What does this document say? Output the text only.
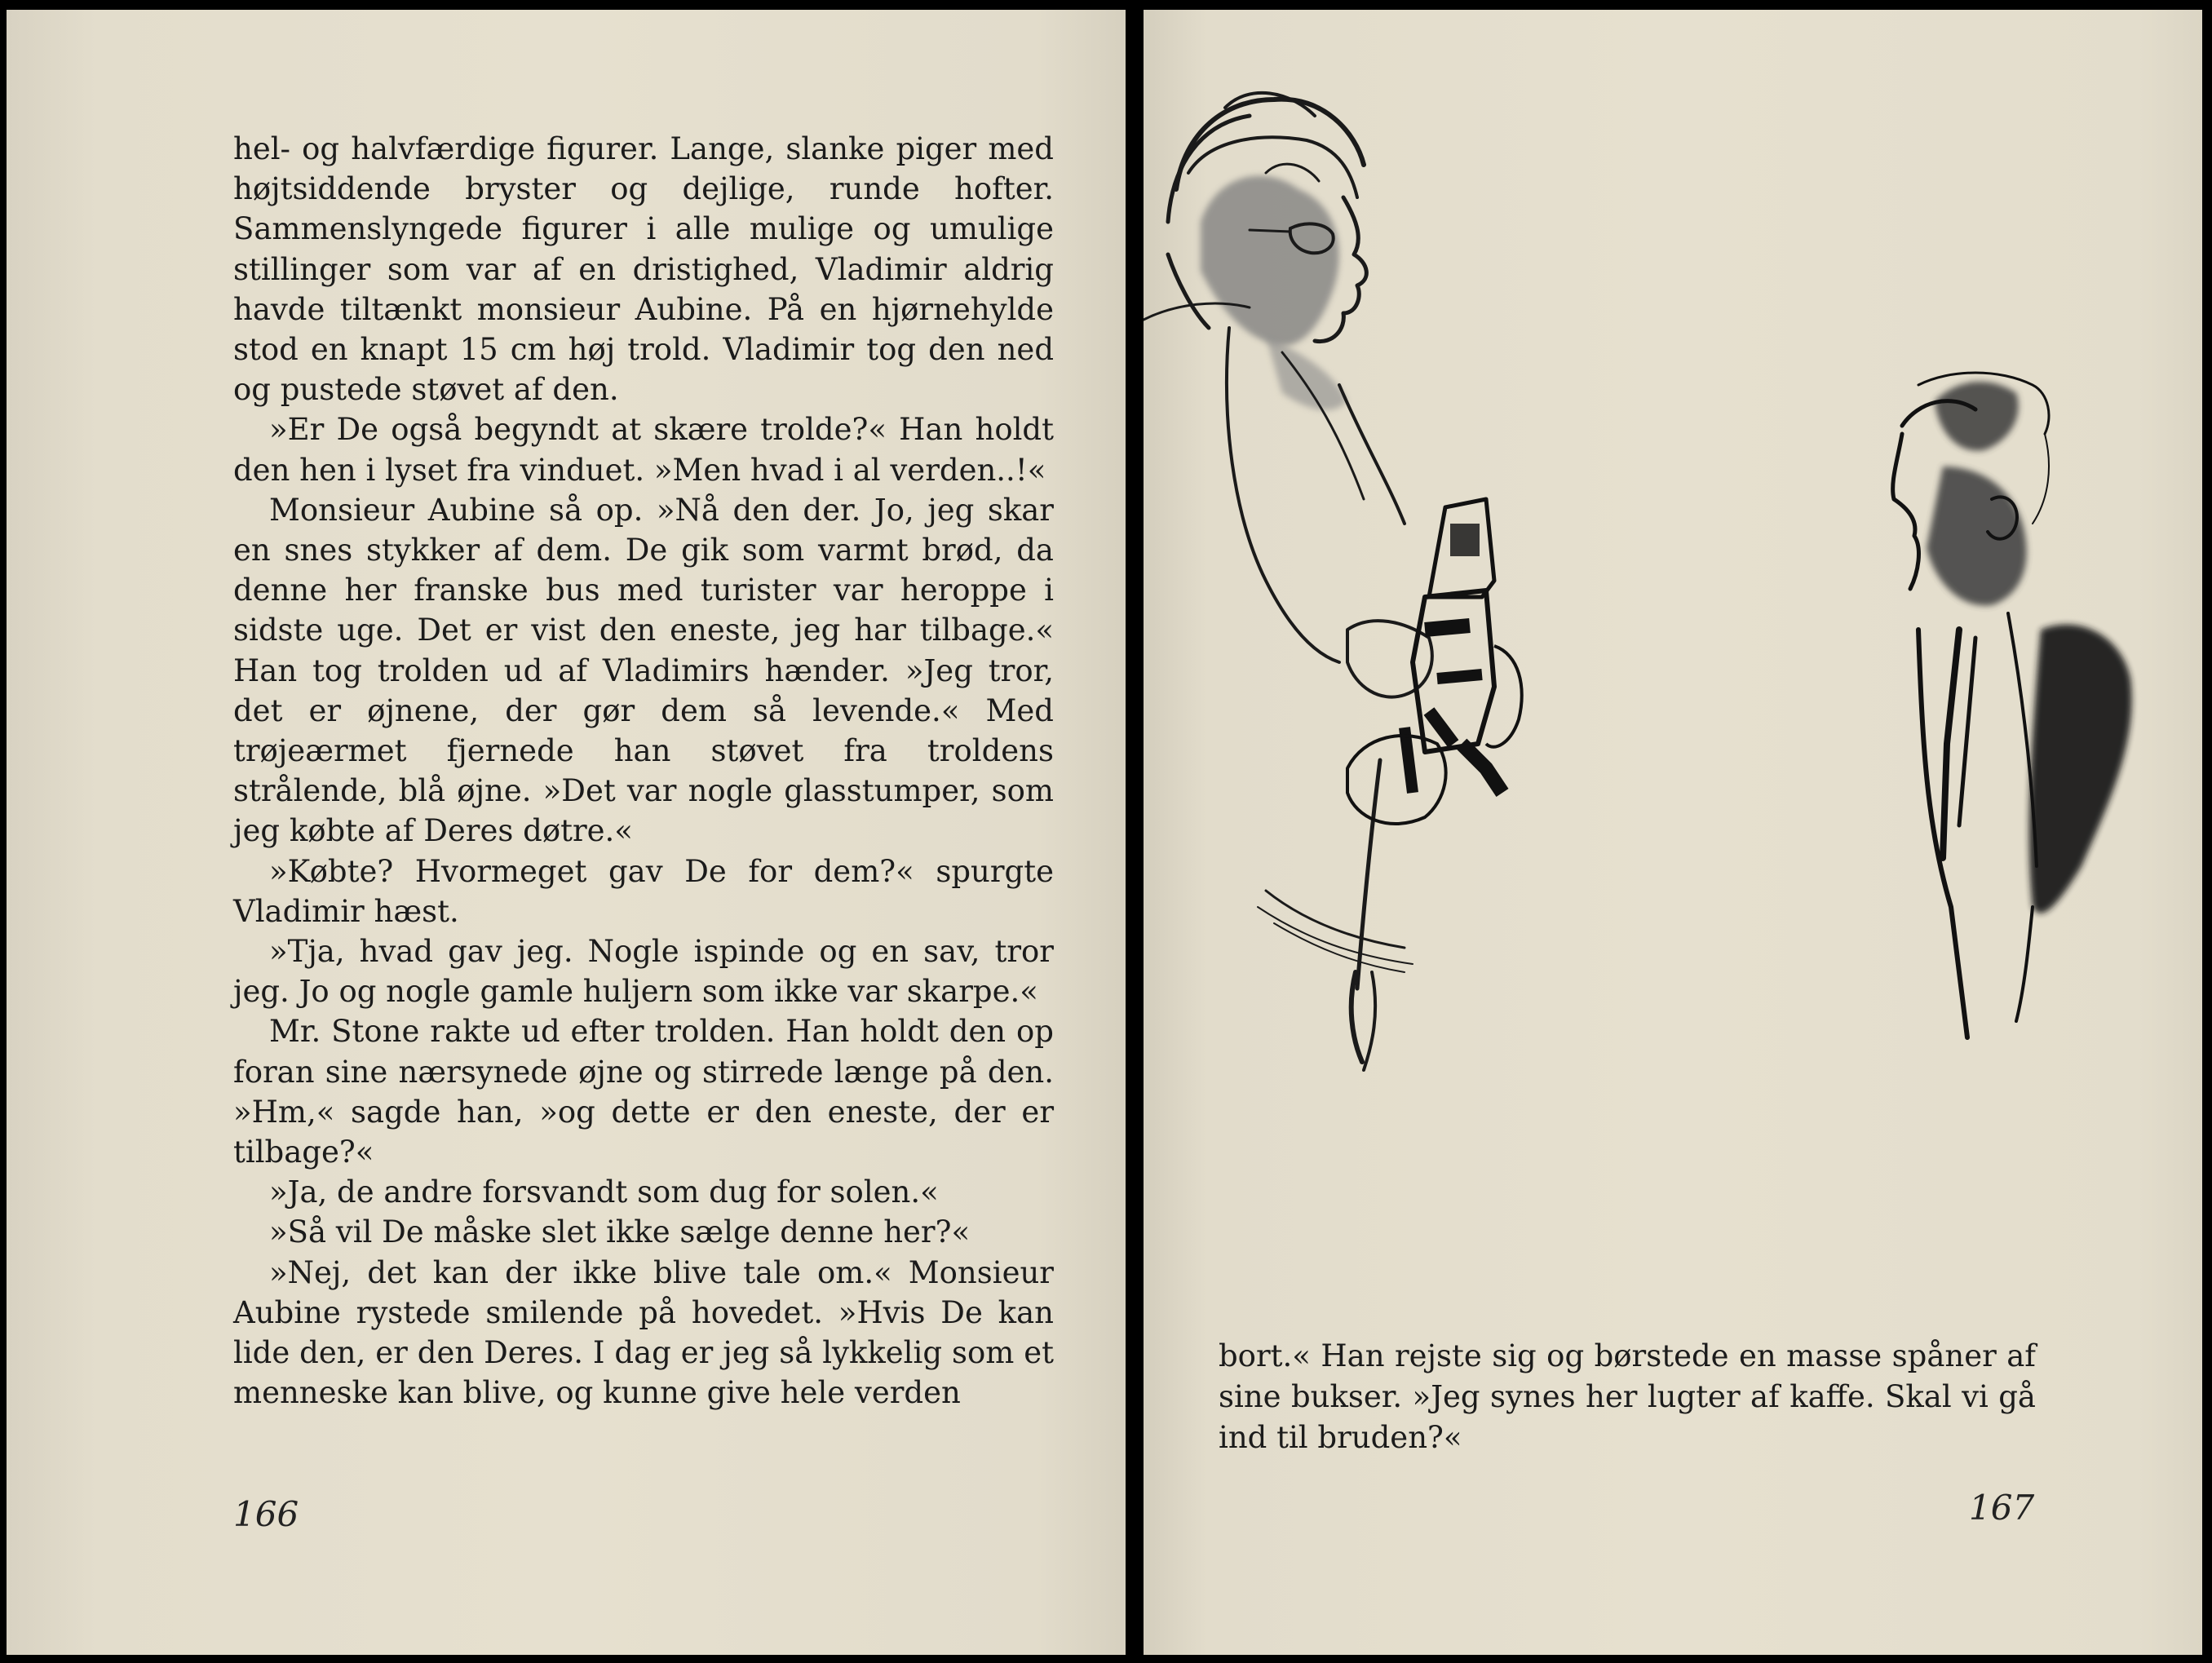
hel- og halvfærdige figurer. Lange, slanke piger med højtsiddende bryster og dejlige, runde hofter. Sammenslyngede figurer i alle mulige og umulige stillinger som var af en dristighed, Vladimir aldrig havde tiltænkt monsieur Aubine. På en hjørnehylde stod en knapt 15 cm høj trold. Vladimir tog den ned og pustede støvet af den.

»Er De også begyndt at skære trolde?« Han holdt den hen i lyset fra vinduet. »Men hvad i al verden..!«

Monsieur Aubine så op. »Nå den der. Jo, jeg skar en snes stykker af dem. De gik som varmt brød, da denne her franske bus med turister var heroppe i sidste uge. Det er vist den eneste, jeg har tilbage.« Han tog trolden ud af Vladimirs hænder. »Jeg tror, det er øjnene, der gør dem så levende.« Med trøjeærmet fjernede han støvet fra troldens strålende, blå øjne. »Det var nogle glasstumper, som jeg købte af Deres døtre.«

»Købte? Hvormeget gav De for dem?« spurgte Vladimir hæst.

»Tja, hvad gav jeg. Nogle ispinde og en sav, tror jeg. Jo og nogle gamle huljern som ikke var skarpe.«

Mr. Stone rakte ud efter trolden. Han holdt den op foran sine nærsynede øjne og stirrede længe på den. »Hm,« sagde han, »og dette er den eneste, der er tilbage?«

»Ja, de andre forsvandt som dug for solen.«

»Så vil De måske slet ikke sælge denne her?«

»Nej, det kan der ikke blive tale om.« Monsieur Aubine rystede smilende på hovedet. »Hvis De kan lide den, er den Deres. I dag er jeg så lykkelig som et menneske kan blive, og kunne give hele verden

166

bort.« Han rejste sig og børstede en masse spåner af sine bukser. »Jeg synes her lugter af kaffe. Skal vi gå ind til bruden?«

167
